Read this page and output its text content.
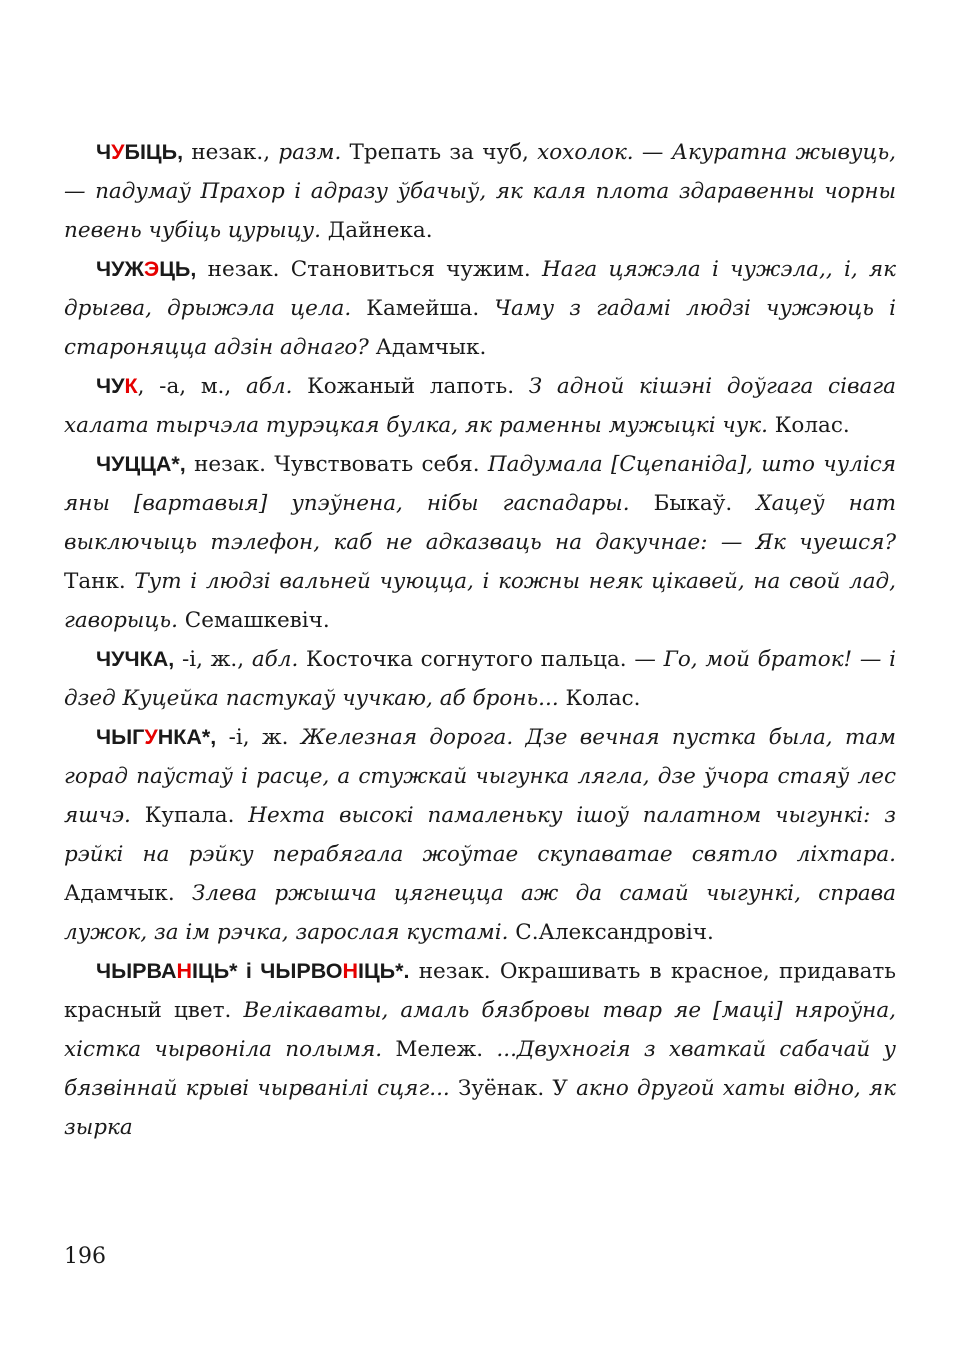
ЧУБІЦЬ, незак., разм. Трепать за чуб, хохолок. — Акуратна жывуць, — падумаў Прахор і адразу ўбачыў, як каля плота здаравенны чорны певень чубіць цурыцу. Дайнека.

ЧУЖЭЦЬ, незак. Становиться чужим. Нага цяжэла і чужэла,, і, як дрыгва, дрыжэла цела. Камейша. Чаму з гадамі людзі чужэюць і староняцца адзін аднаго? Адамчык.

ЧУК, -а, м., абл. Кожаный лапоть. З адной кішэні доўгага сівага халата тырчэла турэцкая булка, як раменны мужыцкі чук. Колас.

ЧУЦЦА*, незак. Чувствовать себя. Падумала [Сцепаніда], што чуліся яны [вартавыя] упэўнена, нібы гаспадары. Быкаў. Хацеў нат выключыць тэлефон, каб не адказваць на дакучнае: — Як чуешся? Танк. Тут і людзі вальней чуюцца, і кожны неяк цікавей, на свой лад, гаворыць. Семашкевіч.

ЧУЧКА, -і, ж., абл. Косточка согнутого пальца. — Го, мой браток! — і дзед Куцейка пастукаў чучкаю, аб бронь... Колас.

ЧЫГУНКА*, -і, ж. Железная дорога. Дзе вечная пустка была, там горад паўстаў і расце, а стужкай чыгунка лягла, дзе ўчора стаяў лес яшчэ. Купала. Нехта высокі памаленьку ішоў палатном чыгункі: з рэйкі на рэйку перабягала жоўтае скупаватае святло ліхтара. Адамчык. Злева ржышча цягнецца аж да самай чыгункі, справа лужок, за ім рэчка, зарослая кустамі. С.Александровіч.

ЧЫРВАНІЦЬ* і ЧЫРВОНІЦЬ*. незак. Окрашивать в красное, придавать красный цвет. Велікаваты, амаль бязбровы твар яе [маці] няроўна, хістка чырвоніла полымя. Мележ. ...Двухногія з хваткай сабачай у бязвіннай крыві чырванілі сцяг... Зуёнак. У акно другой хаты відно, як зырка

196
